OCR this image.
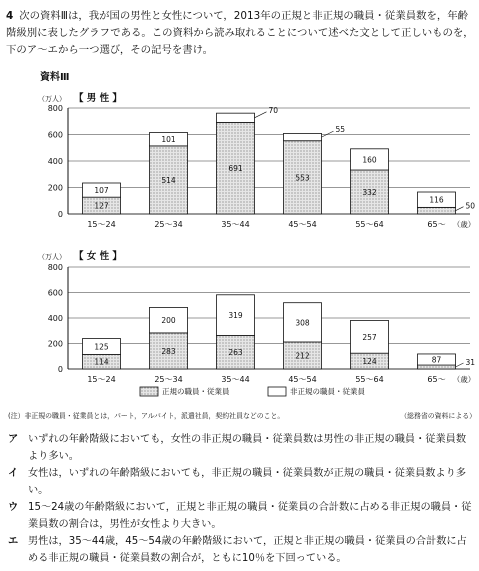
4 次の資料Ⅲは，我が国の男性と女性について，2013年の正規と非正規の職員・従業員数を，年齢階級別に表したグラフである。この資料から読み取れることについて述べた文として正しいものを，下のア～エから一つ選び，その記号を書け。
資料Ⅲ
（万人） 【 男 性 】
0
200
400
600
800
127
107
15～24
514
101
25～34
691
70
35～44
553
55
45～54
332
160
55～64
50
116
65～ （歳）
（万人） 【 女 性 】
0
200
400
600
800
114
125
15～24
283
200
25～34
263
319
35～44
212
308
45～54
124
257
55～64
31
87
65～ （歳）
正規の職員・従業員	非正規の職員・従業員
(注）非正規の職員・従業員とは，パート，アルバイト，派遣社員，契約社員などのこと。	（総務省の資料による）
ア いずれの年齢階級においても，女性の非正規の職員・従業員数は男性の非正規の職員・従業員数より多い。
イ 女性は，いずれの年齢階級においても，非正規の職員・従業員数が正規の職員・従業員数より多い。
ウ 15～24歳の年齢階級において，正規と非正規の職員・従業員の合計数に占める非正規の職員・従業員数の割合は，男性が女性より大きい。
エ 男性は，35～44歳，45～54歳の年齢階級において，正規と非正規の職員・従業員の合計数に占める非正規の職員・従業員数の割合が，ともに10％を下回っている。
